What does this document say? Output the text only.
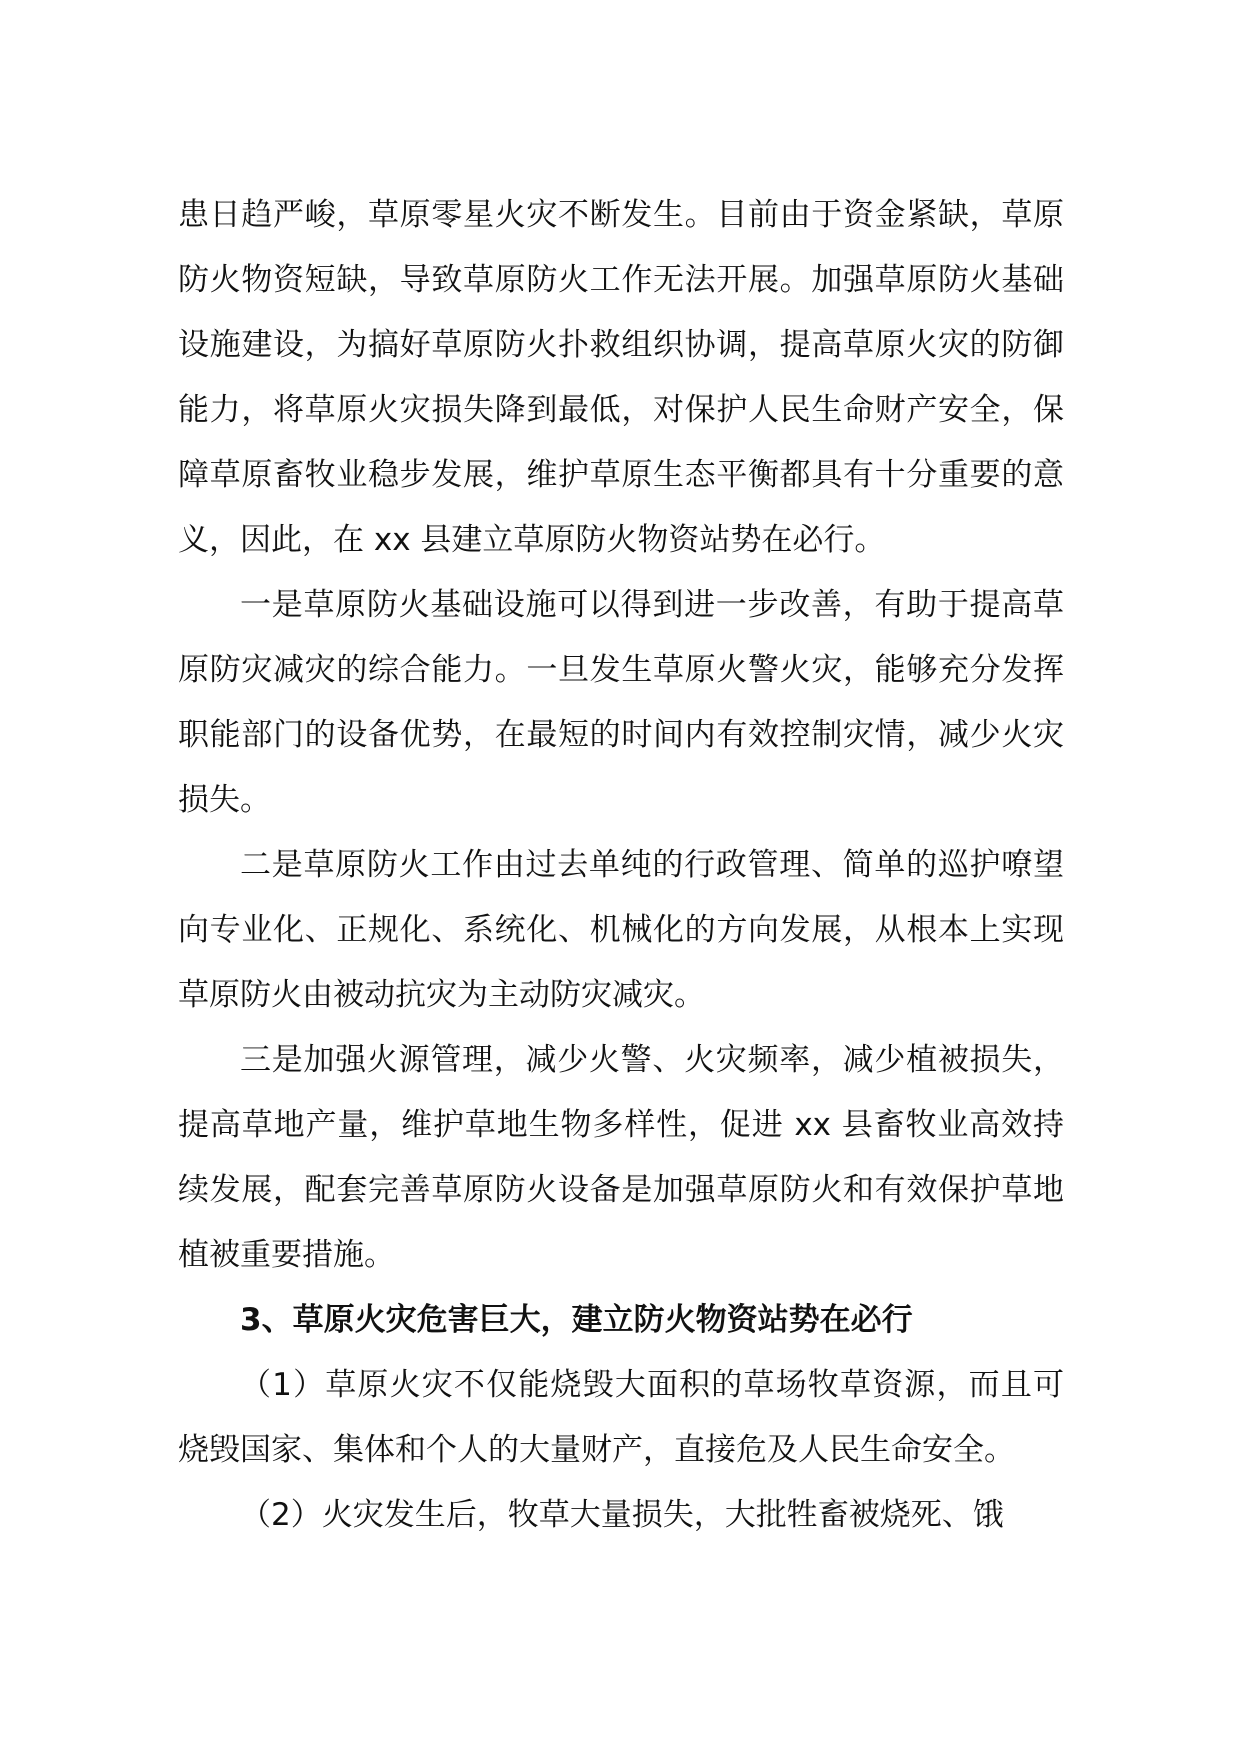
患日趋严峻，草原零星火灾不断发生。目前由于资金紧缺，草原防火物资短缺，导致草原防火工作无法开展。加强草原防火基础设施建设，为搞好草原防火扑救组织协调，提高草原火灾的防御能力，将草原火灾损失降到最低，对保护人民生命财产安全，保障草原畜牧业稳步发展，维护草原生态平衡都具有十分重要的意义，因此，在 xx 县建立草原防火物资站势在必行。

一是草原防火基础设施可以得到进一步改善，有助于提高草原防灾减灾的综合能力。一旦发生草原火警火灾，能够充分发挥职能部门的设备优势，在最短的时间内有效控制灾情，减少火灾损失。

二是草原防火工作由过去单纯的行政管理、简单的巡护嘹望向专业化、正规化、系统化、机械化的方向发展，从根本上实现草原防火由被动抗灾为主动防灾减灾。

三是加强火源管理，减少火警、火灾频率，减少植被损失，提高草地产量，维护草地生物多样性，促进 xx 县畜牧业高效持续发展，配套完善草原防火设备是加强草原防火和有效保护草地植被重要措施。

3、草原火灾危害巨大，建立防火物资站势在必行

（1）草原火灾不仅能烧毁大面积的草场牧草资源，而且可烧毁国家、集体和个人的大量财产，直接危及人民生命安全。

（2）火灾发生后，牧草大量损失，大批牲畜被烧死、饿
